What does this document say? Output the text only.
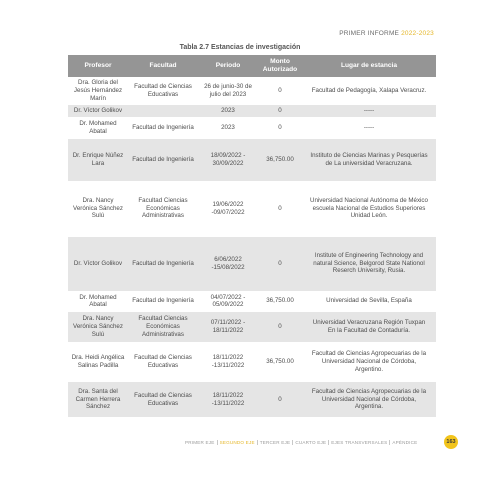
PRIMER INFORME 2022-2023
Tabla 2.7 Estancias de investigación
Profesor	Facultad	Periodo	Monto Autorizado	Lugar de estancia
Dra. Gloria del Jesús Hernández Marín	Facultad de Ciencias Educativas	26 de junio-30 de julio del 2023	0	Facultad de Pedagogía, Xalapa Veracruz.
Dr. Víctor Golikov		2023	0	-----
Dr. Mohamed Abatal	Facultad de Ingeniería	2023	0	-----
Dr. Enrique Núñez Lara	Facultad de Ingeniería	18/09/2022 - 30/09/2022	36,750.00	Instituto de Ciencias Marinas y Pesquerías de La universidad Veracruzana.
Dra. Nancy Verónica Sánchez Sulú	Facultad Ciencias Económicas Administrativas	19/06/2022 -09/07/2022	0	Universidad Nacional Autónoma de México escuela Nacional de Estudios Superiores Unidad León.
Dr. Víctor Golikov	Facultad de Ingeniería	6/06/2022 -15/08/2022	0	Institute of Engineering Technology and natural Science, Belgorod State Nationol Reserch University, Rusia.
Dr. Mohamed Abatal	Facultad de Ingeniería	04/07/2022 - 05/09/2022	36,750.00	Universidad de Sevilla, España
Dra. Nancy Verónica Sánchez Sulú	Facultad Ciencias Económicas Administrativas	07/11/2022 - 18/11/2022	0	Universidad Veracruzana Región Tuxpan En la Facultad de Contaduría.
Dra. Heidi Angélica Salinas Padilla	Facultad de Ciencias Educativas	18/11/2022 -13/11/2022	36,750.00	Facultad de Ciencias Agropecuarias de la Universidad Nacional de Córdoba, Argentino.
Dra. Santa del Carmen Herrera Sánchez	Facultad de Ciencias Educativas	18/11/2022 -13/11/2022	0	Facultad de Ciencias Agropecuarias de la Universidad Nacional de Córdoba, Argentina.
PRIMER EJE	SEGUNDO EJE	TERCER EJE	CUARTO EJE	EJES TRANSVERSALES	APÉNDICE	163
